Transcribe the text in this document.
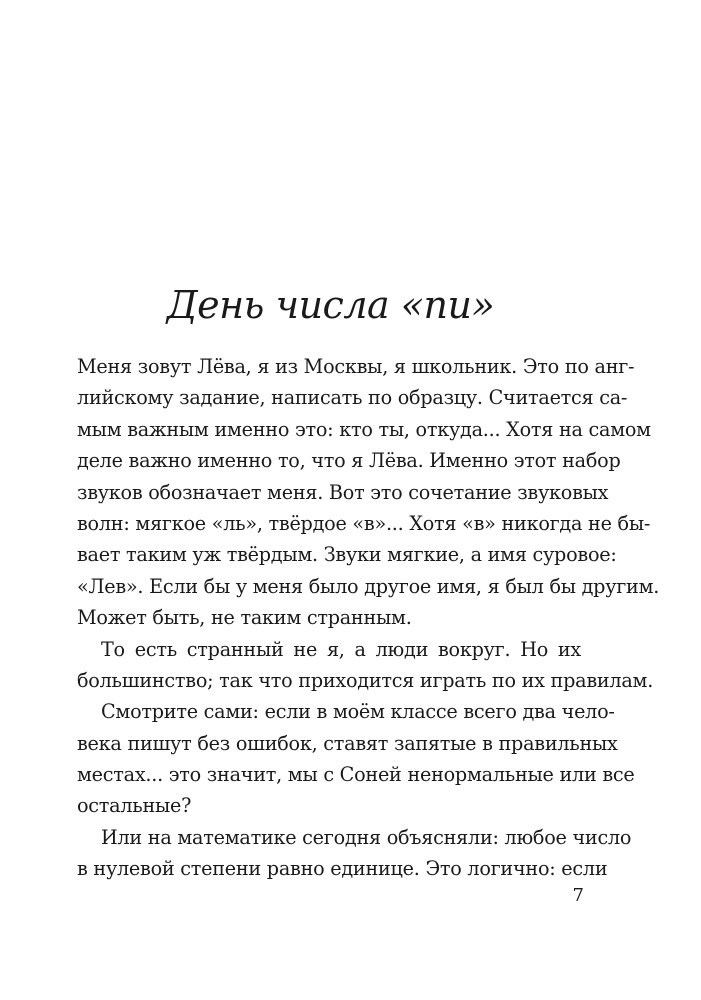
День числа «пи»
Меня зовут Лёва, я из Москвы, я школьник. Это по анг-
лийскому задание, написать по образцу. Считается са-
мым важным именно это: кто ты, откуда... Хотя на самом
деле важно именно то, что я Лёва. Именно этот набор
звуков обозначает меня. Вот это сочетание звуковых
волн: мягкое «ль», твёрдое «в»... Хотя «в» никогда не бы-
вает таким уж твёрдым. Звуки мягкие, а имя суровое:
«Лев». Если бы у меня было другое имя, я был бы другим.
Может быть, не таким странным.
То есть странный не я, а люди вокруг. Но их
большинство; так что приходится играть по их правилам.
Смотрите сами: если в моём классе всего два чело-
века пишут без ошибок, ставят запятые в правильных
местах... это значит, мы с Соней ненормальные или все
остальные?
Или на математике сегодня объясняли: любое число
в нулевой степени равно единице. Это логично: если
7
